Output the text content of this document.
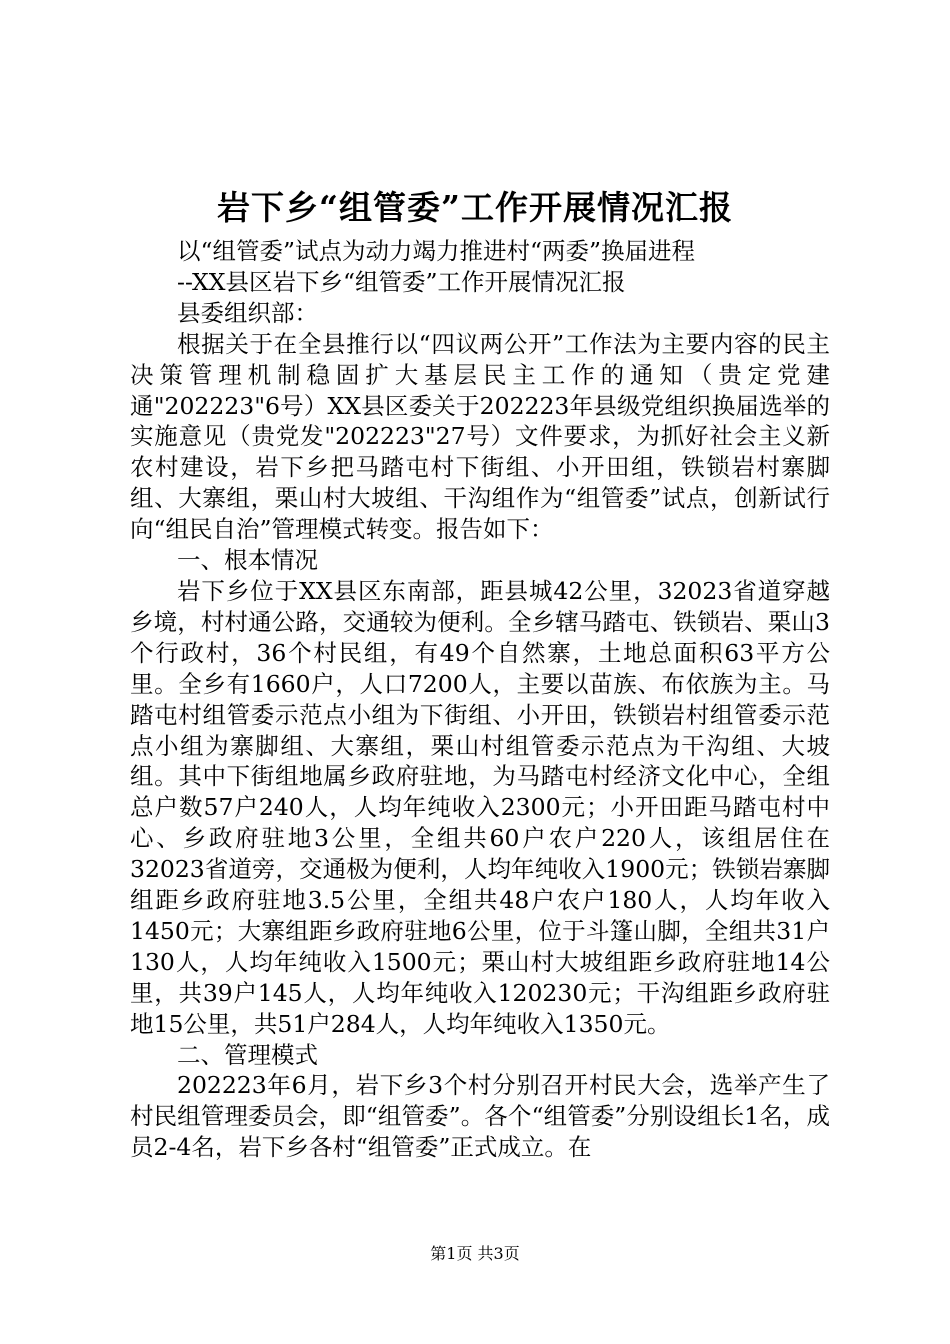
岩下乡“组管委”工作开展情况汇报

以“组管委”试点为动力竭力推进村“两委”换届进程

--XX县区岩下乡“组管委”工作开展情况汇报

县委组织部：

根据关于在全县推行以“四议两公开”工作法为主要内容的民主决策管理机制稳固扩大基层民主工作的通知（贵定党建通"202223"6号）XX县区委关于202223年县级党组织换届选举的实施意见（贵党发"202223"27号）文件要求，为抓好社会主义新农村建设，岩下乡把马踏屯村下街组、小开田组，铁锁岩村寨脚组、大寨组，栗山村大坡组、干沟组作为“组管委”试点，创新试行向“组民自治”管理模式转变。报告如下：

一、根本情况

岩下乡位于XX县区东南部，距县城42公里，32023省道穿越乡境，村村通公路，交通较为便利。全乡辖马踏屯、铁锁岩、栗山3个行政村，36个村民组，有49个自然寨，土地总面积63平方公里。全乡有1660户，人口7200人，主要以苗族、布依族为主。马踏屯村组管委示范点小组为下街组、小开田，铁锁岩村组管委示范点小组为寨脚组、大寨组，栗山村组管委示范点为干沟组、大坡组。其中下街组地属乡政府驻地，为马踏屯村经济文化中心，全组总户数57户240人，人均年纯收入2300元；小开田距马踏屯村中心、乡政府驻地3公里，全组共60户农户220人，该组居住在32023省道旁，交通极为便利，人均年纯收入1900元；铁锁岩寨脚组距乡政府驻地3.5公里，全组共48户农户180人，人均年收入1450元；大寨组距乡政府驻地6公里，位于斗篷山脚，全组共31户130人，人均年纯收入1500元；栗山村大坡组距乡政府驻地14公里，共39户145人，人均年纯收入120230元；干沟组距乡政府驻地15公里，共51户284人，人均年纯收入1350元。

二、管理模式

202223年6月，岩下乡3个村分别召开村民大会，选举产生了村民组管理委员会，即“组管委”。各个“组管委”分别设组长1名，成员2-4名，岩下乡各村“组管委”正式成立。在

第1页 共3页
